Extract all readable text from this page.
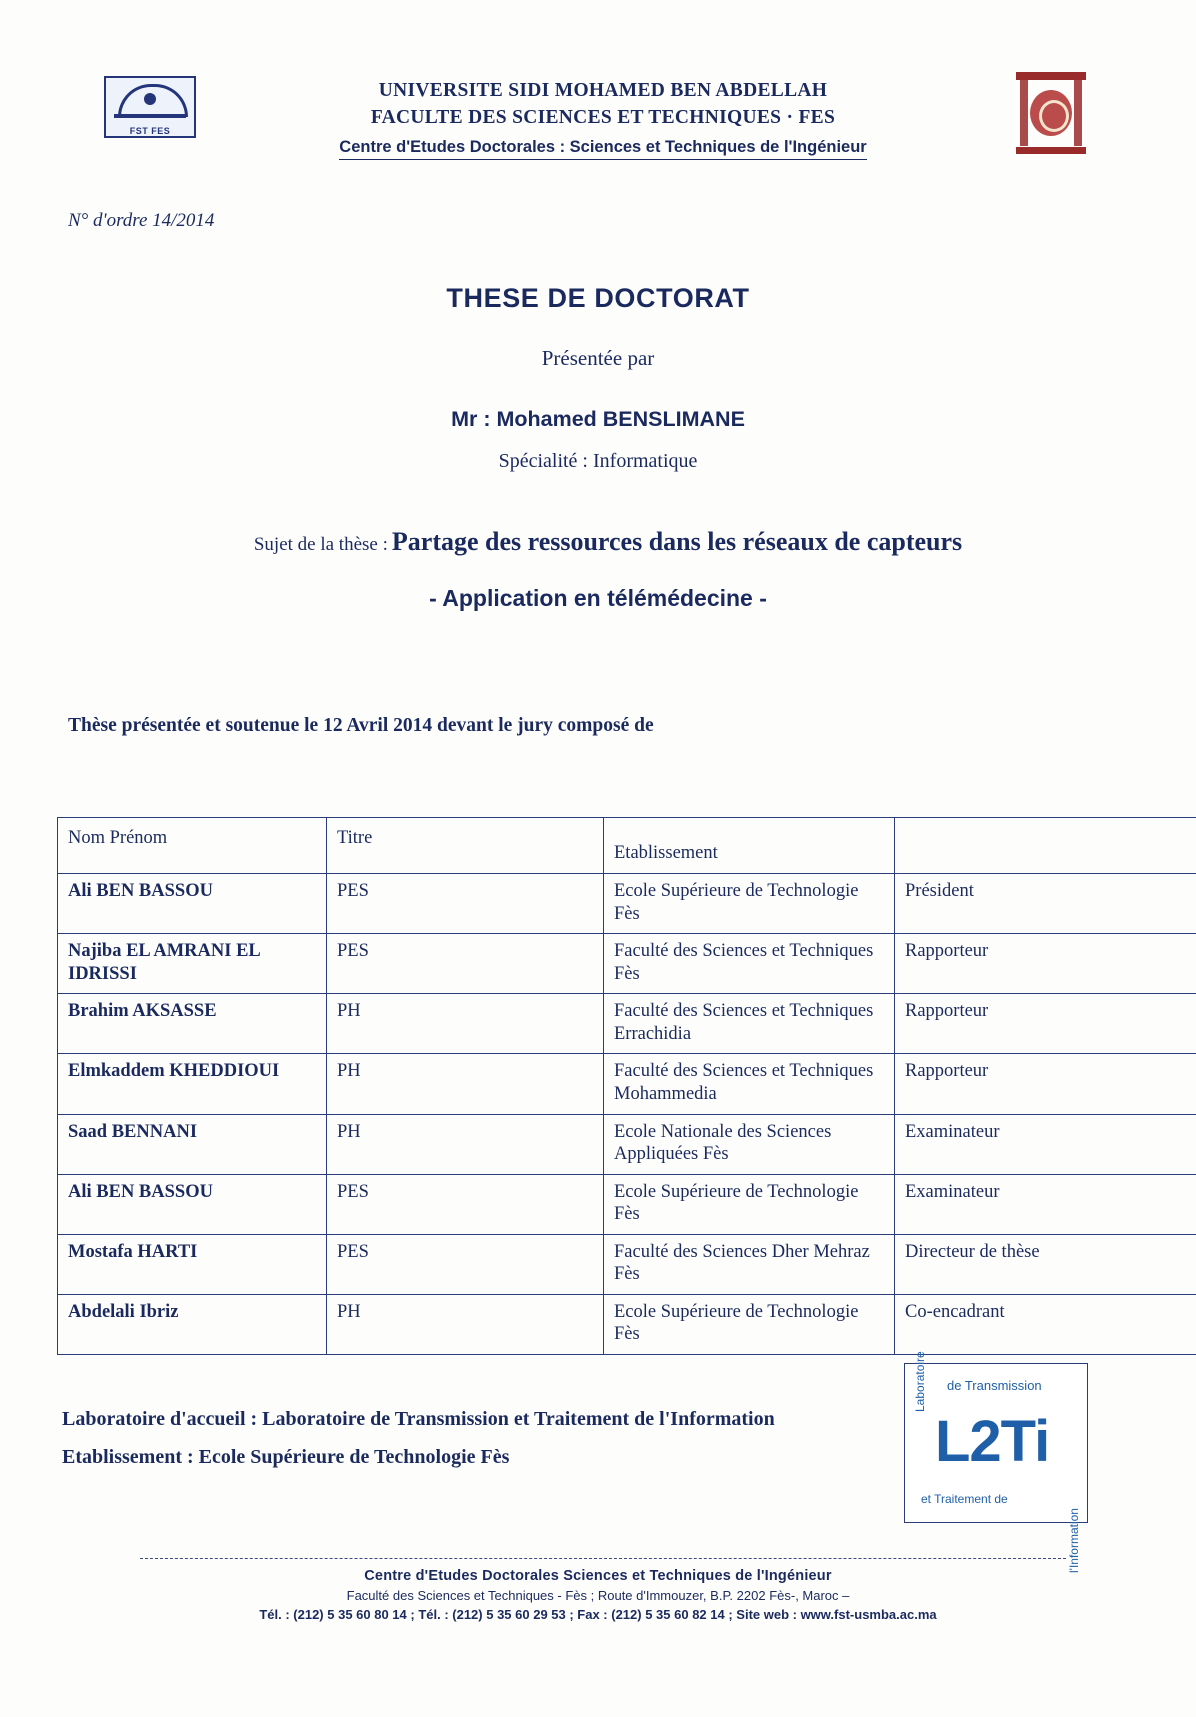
FST FES
UNIVERSITE SIDI MOHAMED BEN ABDELLAH
FACULTE DES SCIENCES ET TECHNIQUES · FES
Centre d'Etudes Doctorales : Sciences et Techniques de l'Ingénieur
N° d'ordre 14/2014
THESE DE DOCTORAT
Présentée par
Mr : Mohamed BENSLIMANE
Spécialité : Informatique
Sujet de la thèse : Partage des ressources dans les réseaux de capteurs
- Application en télémédecine -
Thèse présentée et soutenue le 12 Avril 2014 devant le jury composé de
Nom Prénom	Titre	Etablissement	
Ali BEN BASSOU	PES	Ecole Supérieure de Technologie Fès	Président
Najiba EL AMRANI EL IDRISSI	PES	Faculté des Sciences et Techniques Fès	Rapporteur
Brahim AKSASSE	PH	Faculté des Sciences et Techniques Errachidia	Rapporteur
Elmkaddem KHEDDIOUI	PH	Faculté des Sciences et Techniques Mohammedia	Rapporteur
Saad BENNANI	PH	Ecole Nationale des Sciences Appliquées Fès	Examinateur
Ali BEN BASSOU	PES	Ecole Supérieure de Technologie Fès	Examinateur
Mostafa HARTI	PES	Faculté des Sciences Dher Mehraz Fès	Directeur de thèse
Abdelali Ibriz	PH	Ecole Supérieure de Technologie Fès	Co-encadrant
Laboratoire d'accueil : Laboratoire de Transmission et Traitement de l'Information
Etablissement : Ecole Supérieure de Technologie Fès
de Transmission
Laboratoire
L2Ti
et Traitement de
l'Information
Centre d'Etudes Doctorales Sciences et Techniques de l'Ingénieur
Faculté des Sciences et Techniques - Fès ; Route d'Immouzer, B.P. 2202 Fès-, Maroc –
Tél. : (212) 5 35 60 80 14 ; Tél. : (212) 5 35 60 29 53 ; Fax : (212) 5 35 60 82 14 ; Site web : www.fst-usmba.ac.ma
